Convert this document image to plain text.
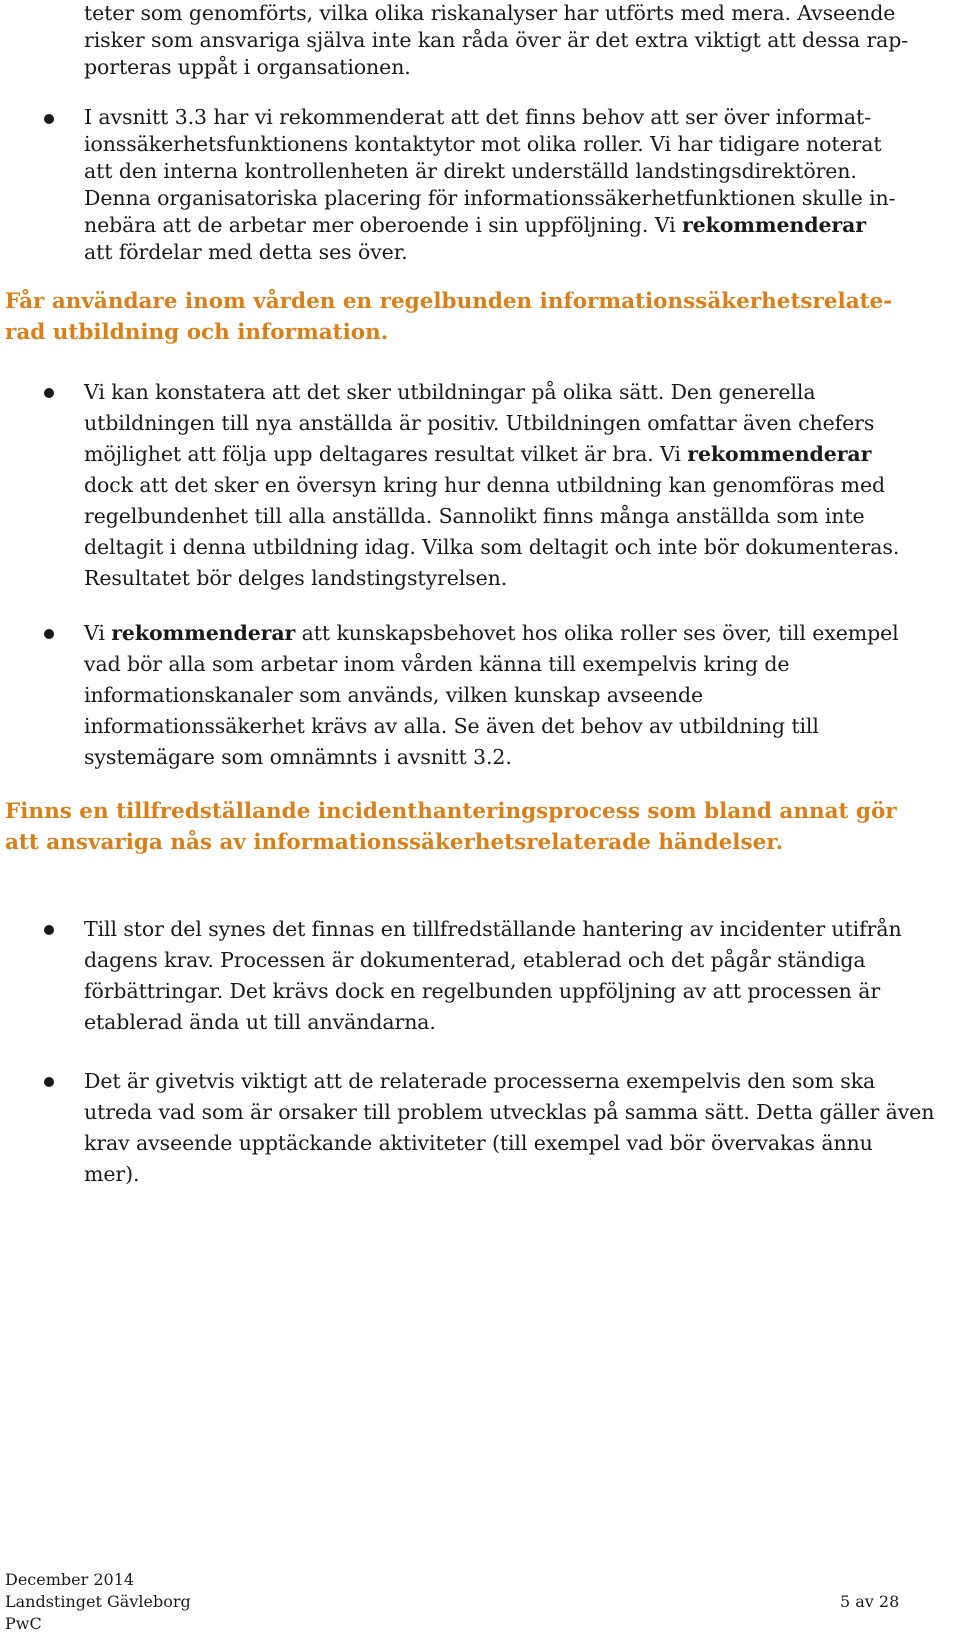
teter som genomförts, vilka olika riskanalyser har utförts med mera. Avseende
risker som ansvariga själva inte kan råda över är det extra viktigt att dessa rap-
porteras uppåt i organsationen.
I avsnitt 3.3 har vi rekommenderat att det finns behov att ser över informat-
ionssäkerhetsfunktionens kontaktytor mot olika roller. Vi har tidigare noterat
att den interna kontrollenheten är direkt underställd landstingsdirektören.
Denna organisatoriska placering för informationssäkerhetfunktionen skulle in-
nebära att de arbetar mer oberoende i sin uppföljning. Vi rekommenderar
att fördelar med detta ses över.
Får användare inom vården en regelbunden informationssäkerhetsrelate-
rad utbildning och information.
Vi kan konstatera att det sker utbildningar på olika sätt. Den generella
utbildningen till nya anställda är positiv. Utbildningen omfattar även chefers
möjlighet att följa upp deltagares resultat vilket är bra. Vi rekommenderar
dock att det sker en översyn kring hur denna utbildning kan genomföras med
regelbundenhet till alla anställda. Sannolikt finns många anställda som inte
deltagit i denna utbildning idag. Vilka som deltagit och inte bör dokumenteras.
Resultatet bör delges landstingstyrelsen.
Vi rekommenderar att kunskapsbehovet hos olika roller ses över, till exempel
vad bör alla som arbetar inom vården känna till exempelvis kring de
informationskanaler som används, vilken kunskap avseende
informationssäkerhet krävs av alla. Se även det behov av utbildning till
systemägare som omnämnts i avsnitt 3.2.
Finns en tillfredställande incidenthanteringsprocess som bland annat gör
att ansvariga nås av informationssäkerhetsrelaterade händelser.
Till stor del synes det finnas en tillfredställande hantering av incidenter utifrån
dagens krav. Processen är dokumenterad, etablerad och det pågår ständiga
förbättringar. Det krävs dock en regelbunden uppföljning av att processen är
etablerad ända ut till användarna.
Det är givetvis viktigt att de relaterade processerna exempelvis den som ska
utreda vad som är orsaker till problem utvecklas på samma sätt. Detta gäller även
krav avseende upptäckande aktiviteter (till exempel vad bör övervakas ännu
mer).
December 2014
Landstinget Gävleborg
PwC
5 av 28
